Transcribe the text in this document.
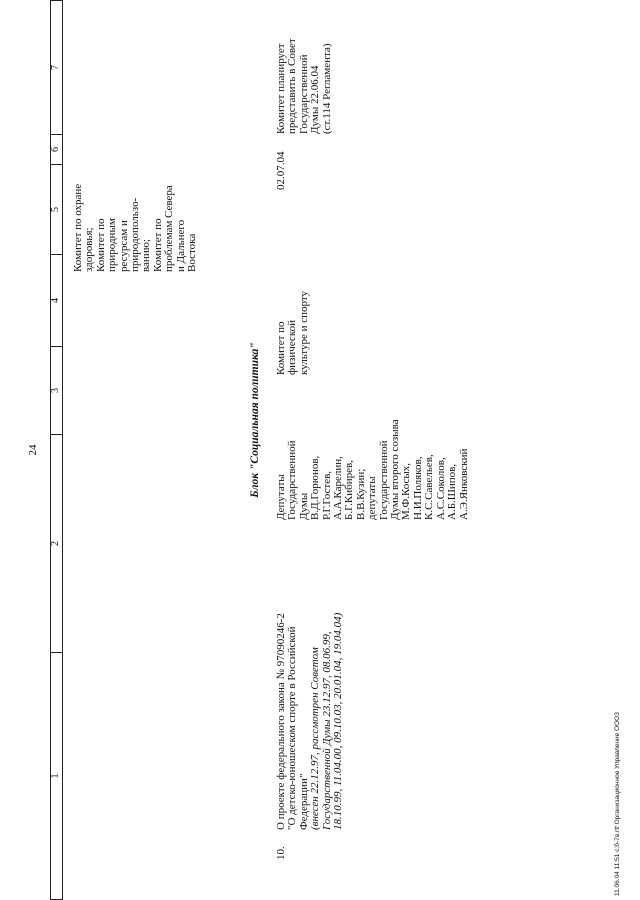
24
1
2
3
4
5
6
7
Комитет по охране
здоровья;
Комитет по
природным
ресурсам и
природопользо-
ванию;
Комитет по
проблемам Севера
и Дальнего
Востока
Блок "Социальная политика"
10.
О проекте федерального закона № 97090246-2
"О детско-юношеском спорте в Российской
Федерации" (внесен 22.12.97, рассмотрен Советом
Государственной Думы 23.12.97, 08.06.99,
18.10.99, 11.04.00, 09.10.03, 20.01.04, 19.04.04)
Депутаты
Государственной
Думы
В.Д.Горюнов,
Р.Г.Гостев,
А.А.Карелин,
Б.Г.Кибирев,
В.В.Кузин;
депутаты
Государственной
Думы второго созыва
М.Ф.Косых,
Н.И.Поляков,
К.С.Савельев,
А.С.Соколов,
А.Б.Шипов,
А.Э.Янковский
Комитет по
физической
культуре и спорту
02.07.04
Комитет планирует
представить в Совет
Государственной
Думы 22.06.04
(ст.114 Регламента)
11.06.04 11:51 с:б-7в.rtf Организационное Управление ООО3
